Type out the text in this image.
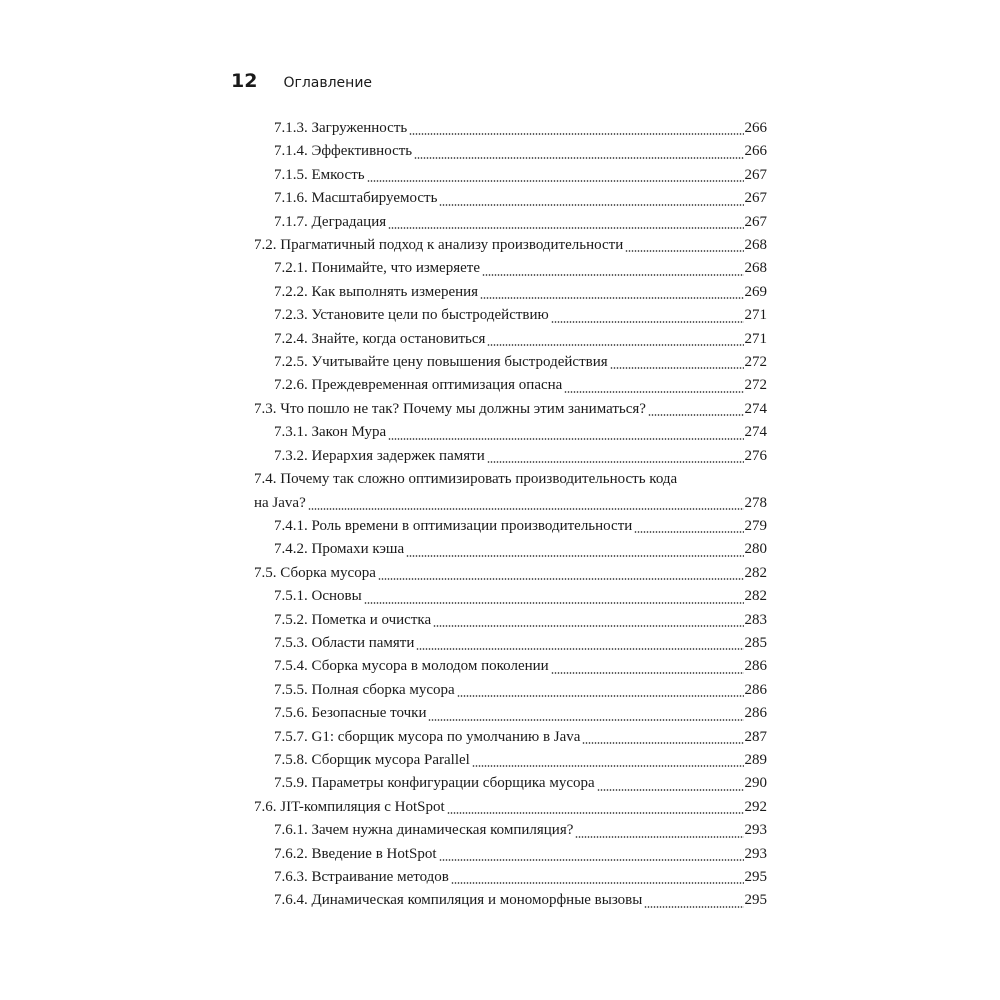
12 Оглавление
7.1.3. Загруженность	266
7.1.4. Эффективность	266
7.1.5. Емкость	267
7.1.6. Масштабируемость	267
7.1.7. Деградация	267
7.2. Прагматичный подход к анализу производительности	268
7.2.1. Понимайте, что измеряете	268
7.2.2. Как выполнять измерения	269
7.2.3. Установите цели по быстродействию	271
7.2.4. Знайте, когда остановиться	271
7.2.5. Учитывайте цену повышения быстродействия	272
7.2.6. Преждевременная оптимизация опасна	272
7.3. Что пошло не так? Почему мы должны этим заниматься?	274
7.3.1. Закон Мура	274
7.3.2. Иерархия задержек памяти	276
7.4. Почему так сложно оптимизировать производительность кода
на Java?	278
7.4.1. Роль времени в оптимизации производительности	279
7.4.2. Промахи кэша	280
7.5. Сборка мусора	282
7.5.1. Основы	282
7.5.2. Пометка и очистка	283
7.5.3. Области памяти	285
7.5.4. Сборка мусора в молодом поколении	286
7.5.5. Полная сборка мусора	286
7.5.6. Безопасные точки	286
7.5.7. G1: сборщик мусора по умолчанию в Java	287
7.5.8. Сборщик мусора Parallel	289
7.5.9. Параметры конфигурации сборщика мусора	290
7.6. JIT-компиляция с HotSpot	292
7.6.1. Зачем нужна динамическая компиляция?	293
7.6.2. Введение в HotSpot	293
7.6.3. Встраивание методов	295
7.6.4. Динамическая компиляция и мономорфные вызовы	295
